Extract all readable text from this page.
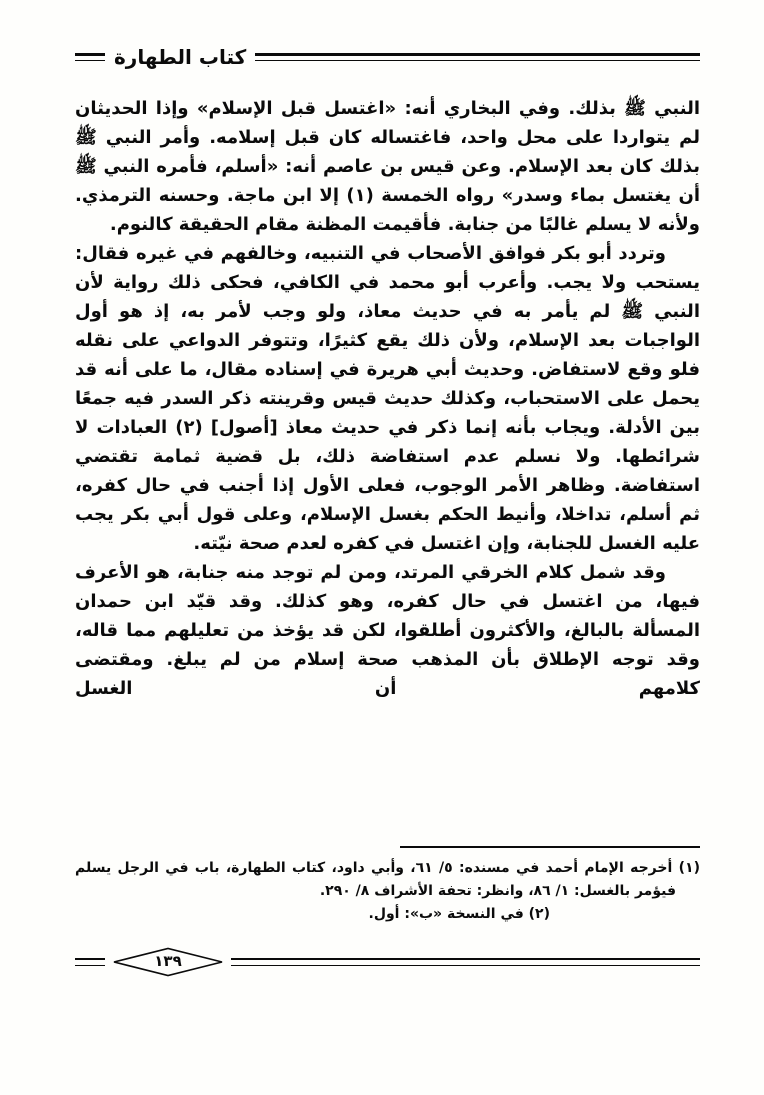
كتاب الطهارة

النبي ﷺ بذلك. وفي البخاري أنه: «اغتسل قبل الإسلام» وإذا الحديثان لم يتواردا على محل واحد، فاغتساله كان قبل إسلامه. وأمر النبي ﷺ بذلك كان بعد الإسلام. وعن قيس بن عاصم أنه: «أسلم، فأمره النبي ﷺ أن يغتسل بماء وسدر» رواه الخمسة (١) إلا ابن ماجة. وحسنه الترمذي. ولأنه لا يسلم غالبًا من جنابة. فأقيمت المظنة مقام الحقيقة كالنوم.

وتردد أبو بكر فوافق الأصحاب في التنبيه، وخالفهم في غيره فقال: يستحب ولا يجب. وأعرب أبو محمد في الكافي، فحكى ذلك رواية لأن النبي ﷺ لم يأمر به في حديث معاذ، ولو وجب لأمر به، إذ هو أول الواجبات بعد الإسلام، ولأن ذلك يقع كثيرًا، وتتوفر الدواعي على نقله فلو وقع لاستفاض. وحديث أبي هريرة في إسناده مقال، ما على أنه قد يحمل على الاستحباب، وكذلك حديث قيس وقرينته ذكر السدر فيه جمعًا بين الأدلة. ويجاب بأنه إنما ذكر في حديث معاذ [أصول] (٢) العبادات لا شرائطها. ولا نسلم عدم استفاضة ذلك، بل قضية ثمامة تقتضي استفاضة. وظاهر الأمر الوجوب، فعلى الأول إذا أجنب في حال كفره، ثم أسلم، تداخلا، وأنيط الحكم بغسل الإسلام، وعلى قول أبي بكر يجب عليه الغسل للجنابة، وإن اغتسل في كفره لعدم صحة نيّته.

وقد شمل كلام الخرقي المرتد، ومن لم توجد منه جنابة، هو الأعرف فيها، من اغتسل في حال كفره، وهو كذلك. وقد قيّد ابن حمدان المسألة بالبالغ، والأكثرون أطلقوا، لكن قد يؤخذ من تعليلهم مما قاله، وقد توجه الإطلاق بأن المذهب صحة إسلام من لم يبلغ. ومقتضى كلامهم أن الغسل

(١) أخرجه الإمام أحمد في مسنده: ٥/ ٦١، وأبي داود، كتاب الطهارة، باب في الرجل يسلم فيؤمر بالغسل: ١/ ٨٦، وانظر: تحفة الأشراف ٨/ ٢٩٠.

(٢) في النسخة «ب»: أول.

١٣٩
